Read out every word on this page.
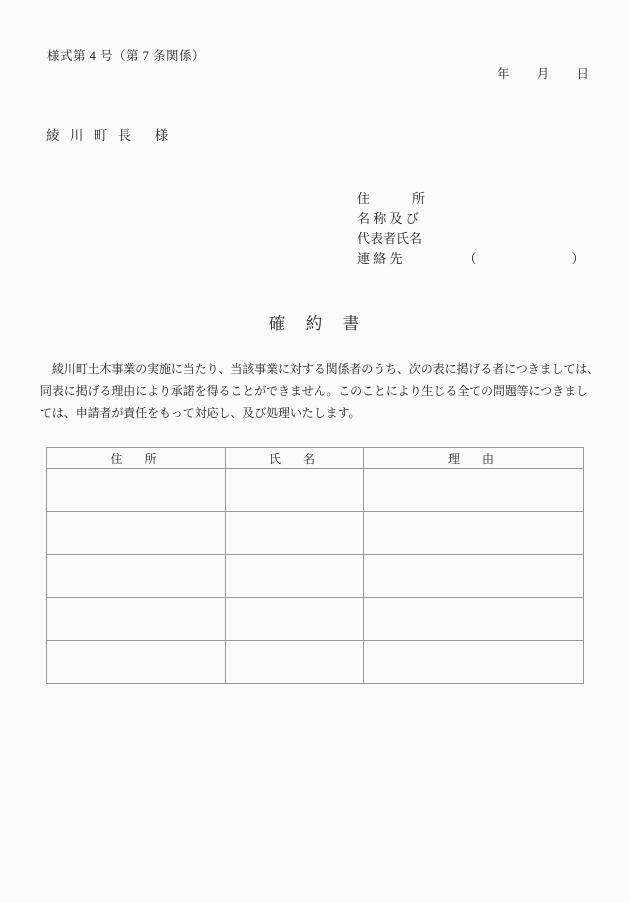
様式第 4 号（第 7 条関係）
年 月 日
綾 川 町 長 様
住	所
名 称 及 び
代表者氏名
連 絡 先	（	）
確　約　書
　綾川町土木事業の実施に当たり、当該事業に対する関係者のうち、次の表に掲げる者につきましては、
同表に掲げる理由により承諾を得ることができません。このことにより生じる全ての問題等につきまし
ては、申請者が責任をもって対応し、及び処理いたします。
住　所	氏　名	理　由
